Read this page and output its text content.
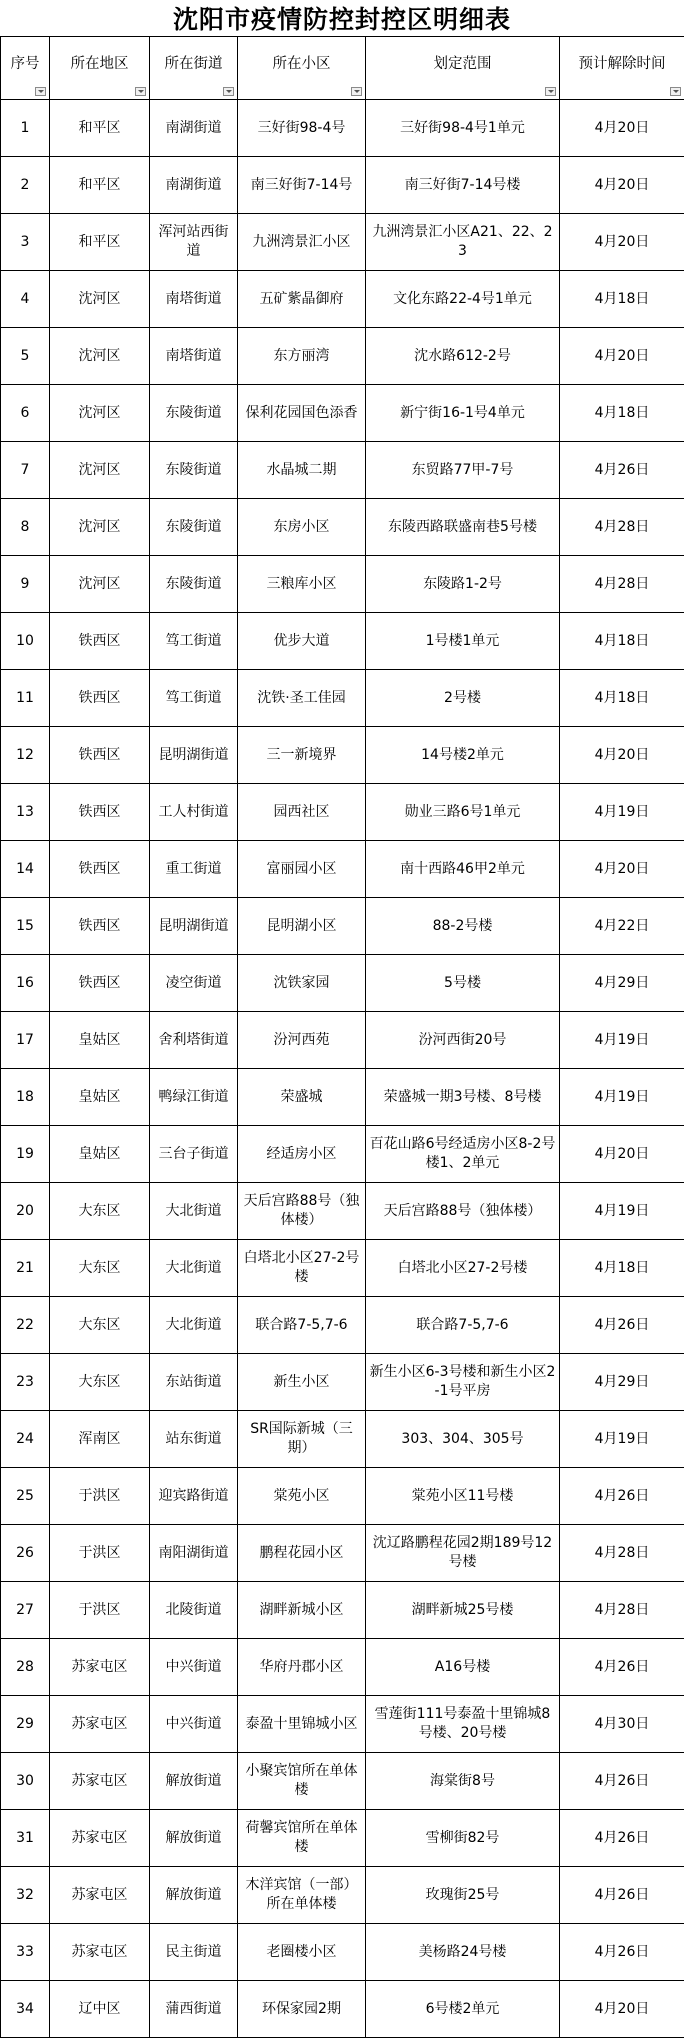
沈阳市疫情防控封控区明细表
序号	所在地区	所在街道	所在小区	划定范围	预计解除时间

1	和平区	南湖街道	三好街98-4号	三好街98-4号1单元	4月20日
2	和平区	南湖街道	南三好街7-14号	南三好街7-14号楼	4月20日
3	和平区	浑河站西街道	九洲湾景汇小区	九洲湾景汇小区A21、22、23	4月20日
4	沈河区	南塔街道	五矿紫晶御府	文化东路22-4号1单元	4月18日
5	沈河区	南塔街道	东方丽湾	沈水路612-2号	4月20日
6	沈河区	东陵街道	保利花园国色添香	新宁街16-1号4单元	4月18日
7	沈河区	东陵街道	水晶城二期	东贸路77甲-7号	4月26日
8	沈河区	东陵街道	东房小区	东陵西路联盛南巷5号楼	4月28日
9	沈河区	东陵街道	三粮库小区	东陵路1-2号	4月28日
10	铁西区	笃工街道	优步大道	1号楼1单元	4月18日
11	铁西区	笃工街道	沈铁·圣工佳园	2号楼	4月18日
12	铁西区	昆明湖街道	三一新境界	14号楼2单元	4月20日
13	铁西区	工人村街道	园西社区	勋业三路6号1单元	4月19日
14	铁西区	重工街道	富丽园小区	南十西路46甲2单元	4月20日
15	铁西区	昆明湖街道	昆明湖小区	88-2号楼	4月22日
16	铁西区	凌空街道	沈铁家园	5号楼	4月29日
17	皇姑区	舍利塔街道	汾河西苑	汾河西街20号	4月19日
18	皇姑区	鸭绿江街道	荣盛城	荣盛城一期3号楼、8号楼	4月19日
19	皇姑区	三台子街道	经适房小区	百花山路6号经适房小区8-2号楼1、2单元	4月20日
20	大东区	大北街道	天后宫路88号（独体楼）	天后宫路88号（独体楼）	4月19日
21	大东区	大北街道	白塔北小区27-2号楼	白塔北小区27-2号楼	4月18日
22	大东区	大北街道	联合路7-5,7-6	联合路7-5,7-6	4月26日
23	大东区	东站街道	新生小区	新生小区6-3号楼和新生小区2-1号平房	4月29日
24	浑南区	站东街道	SR国际新城（三期）	303、304、305号	4月19日
25	于洪区	迎宾路街道	棠苑小区	棠苑小区11号楼	4月26日
26	于洪区	南阳湖街道	鹏程花园小区	沈辽路鹏程花园2期189号12号楼	4月28日
27	于洪区	北陵街道	湖畔新城小区	湖畔新城25号楼	4月28日
28	苏家屯区	中兴街道	华府丹郡小区	A16号楼	4月26日
29	苏家屯区	中兴街道	泰盈十里锦城小区	雪莲街111号泰盈十里锦城8号楼、20号楼	4月30日
30	苏家屯区	解放街道	小聚宾馆所在单体楼	海棠街8号	4月26日
31	苏家屯区	解放街道	荷馨宾馆所在单体楼	雪柳街82号	4月26日
32	苏家屯区	解放街道	木洋宾馆（一部）所在单体楼	玫瑰街25号	4月26日
33	苏家屯区	民主街道	老圈楼小区	美杨路24号楼	4月26日
34	辽中区	蒲西街道	环保家园2期	6号楼2单元	4月20日
